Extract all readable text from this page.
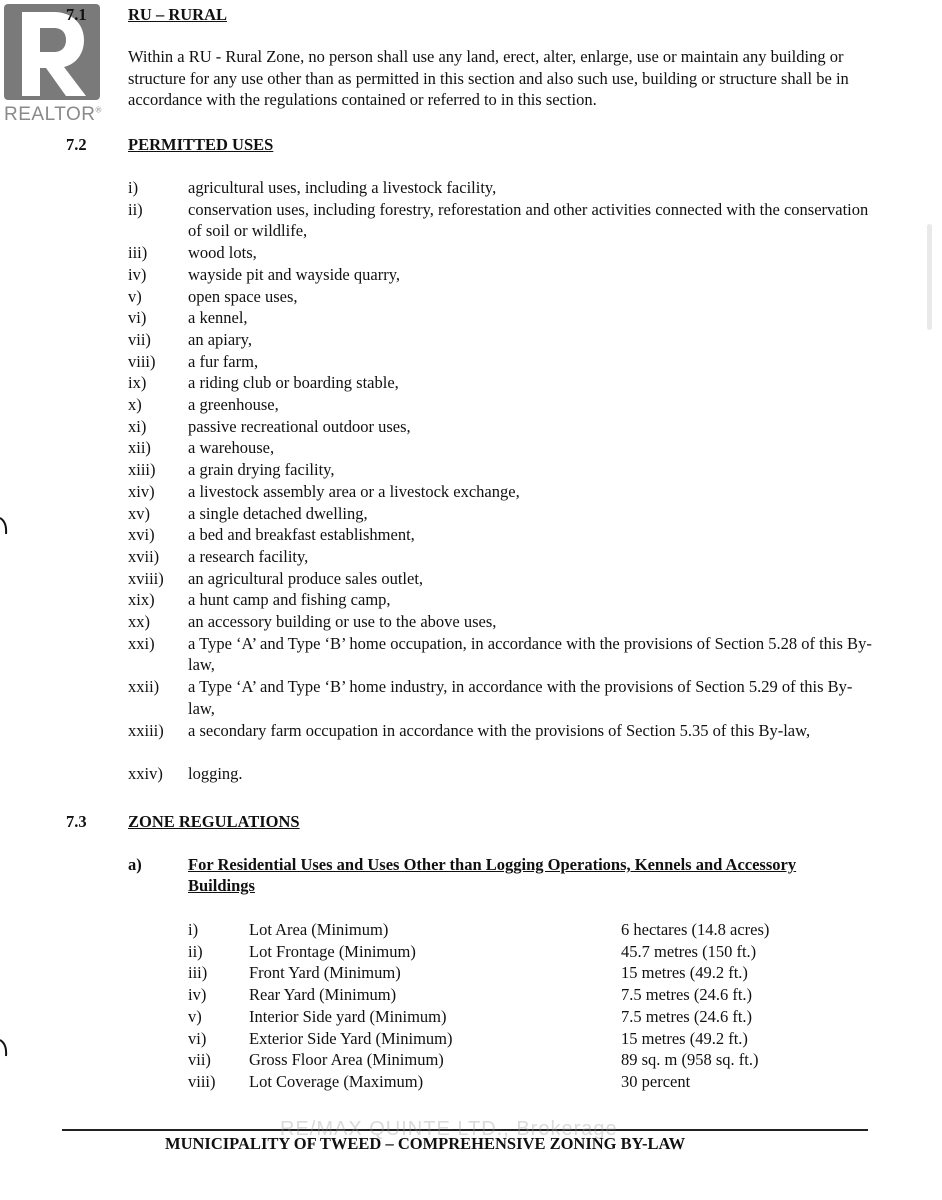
REALTOR®
7.1	RU – RURAL
Within a RU - Rural Zone, no person shall use any land, erect, alter, enlarge, use or maintain any building or structure for any use other than as permitted in this section and also such use, building or structure shall be in accordance with the regulations contained or referred to in this section.
7.2	PERMITTED USES
i)	agricultural uses, including a livestock facility,
ii)	conservation uses, including forestry, reforestation and other activities connected with the conservation of soil or wildlife,
iii) wood lots,
iv)	wayside pit and wayside quarry,
v)	open space uses,
vi)	a kennel,
vii) an apiary,
viii) a fur farm,
ix)	a riding club or boarding stable,
x)	a greenhouse,
xi)	passive recreational outdoor uses,
xii) a warehouse,
xiii) a grain drying facility,
xiv) a livestock assembly area or a livestock exchange,
xv) a single detached dwelling,
xvi) a bed and breakfast establishment,
xvii) a research facility,
xviii) an agricultural produce sales outlet,
xix) a hunt camp and fishing camp,
xx) an accessory building or use to the above uses,
xxi) a Type ‘A’ and Type ‘B’ home occupation, in accordance with the provisions of Section 5.28 of this By-law,
xxii) a Type ‘A’ and Type ‘B’ home industry, in accordance with the provisions of Section 5.29 of this By-law,
xxiii) a secondary farm occupation in accordance with the provisions of Section 5.35 of this By-law,
xxiv) logging.
7.3	ZONE REGULATIONS
a)	For Residential Uses and Uses Other than Logging Operations, Kennels and Accessory
Buildings
i)	Lot Area (Minimum)	6 hectares (14.8 acres)
ii)	Lot Frontage (Minimum)	45.7 metres (150 ft.)
iii)	Front Yard (Minimum)	15 metres (49.2 ft.)
iv)	Rear Yard (Minimum)	7.5 metres (24.6 ft.)
v)	Interior Side yard (Minimum)	7.5 metres (24.6 ft.)
vi)	Exterior Side Yard (Minimum)	15 metres (49.2 ft.)
vii) Gross Floor Area (Minimum)	89 sq. m (958 sq. ft.)
viii) Lot Coverage (Maximum)	30 percent
RE/MAX QUINTE LTD., Brokerage
MUNICIPALITY OF TWEED – COMPREHENSIVE ZONING BY-LAW
